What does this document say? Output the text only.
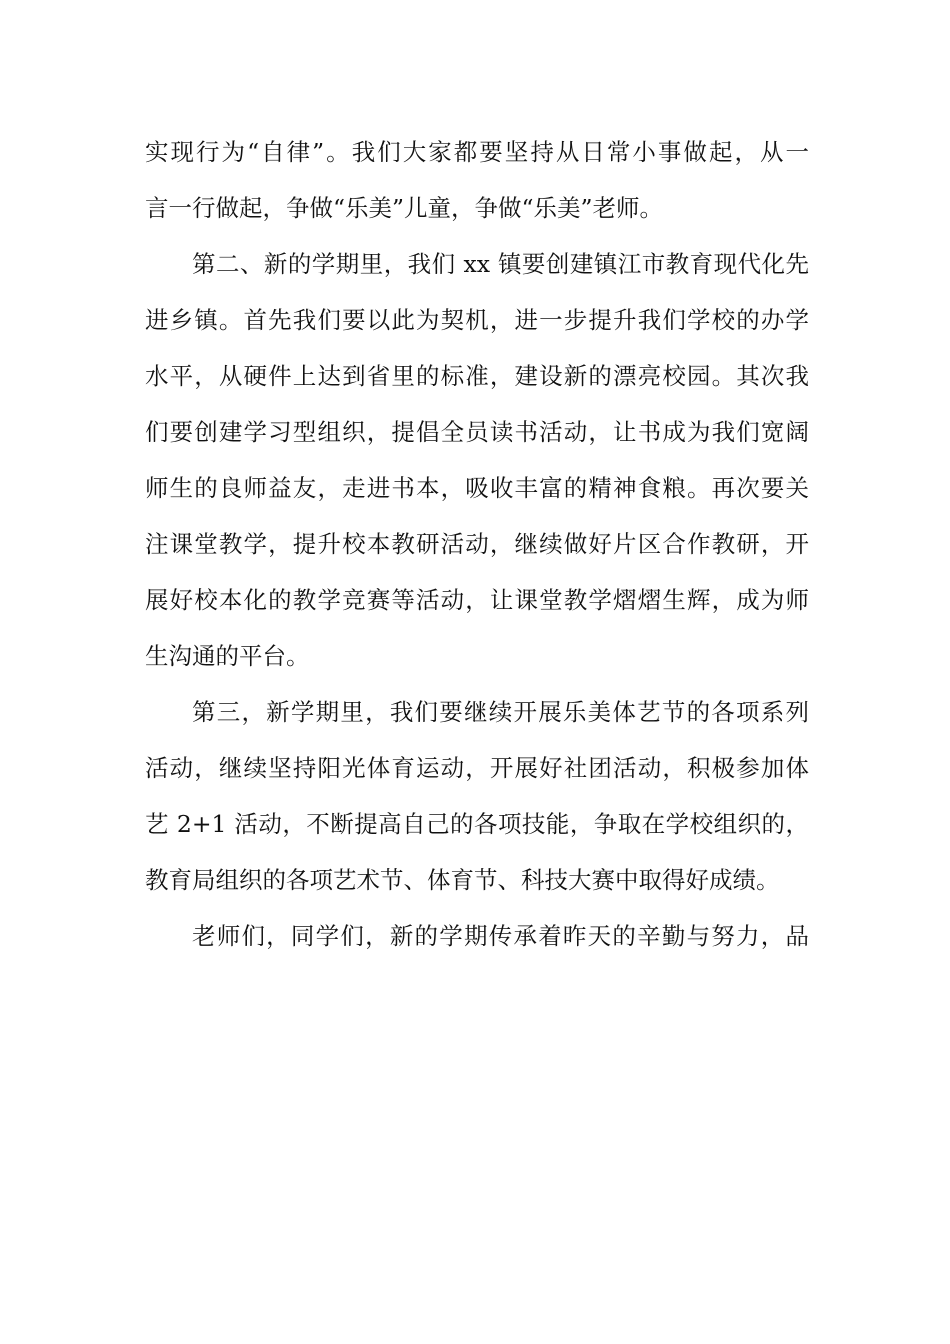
实现行为“自律”。我们大家都要坚持从日常小事做起，从一

言一行做起，争做“乐美”儿童，争做“乐美”老师。

第二、新的学期里，我们 xx 镇要创建镇江市教育现代化先

进乡镇。首先我们要以此为契机，进一步提升我们学校的办学

水平，从硬件上达到省里的标准，建设新的漂亮校园。其次我

们要创建学习型组织，提倡全员读书活动，让书成为我们宽阔

师生的良师益友，走进书本，吸收丰富的精神食粮。再次要关

注课堂教学，提升校本教研活动，继续做好片区合作教研，开

展好校本化的教学竞赛等活动，让课堂教学熠熠生辉，成为师

生沟通的平台。

第三，新学期里，我们要继续开展乐美体艺节的各项系列

活动，继续坚持阳光体育运动，开展好社团活动，积极参加体

艺 2+1 活动，不断提高自己的各项技能，争取在学校组织的，

教育局组织的各项艺术节、体育节、科技大赛中取得好成绩。

老师们，同学们，新的学期传承着昨天的辛勤与努力，品
